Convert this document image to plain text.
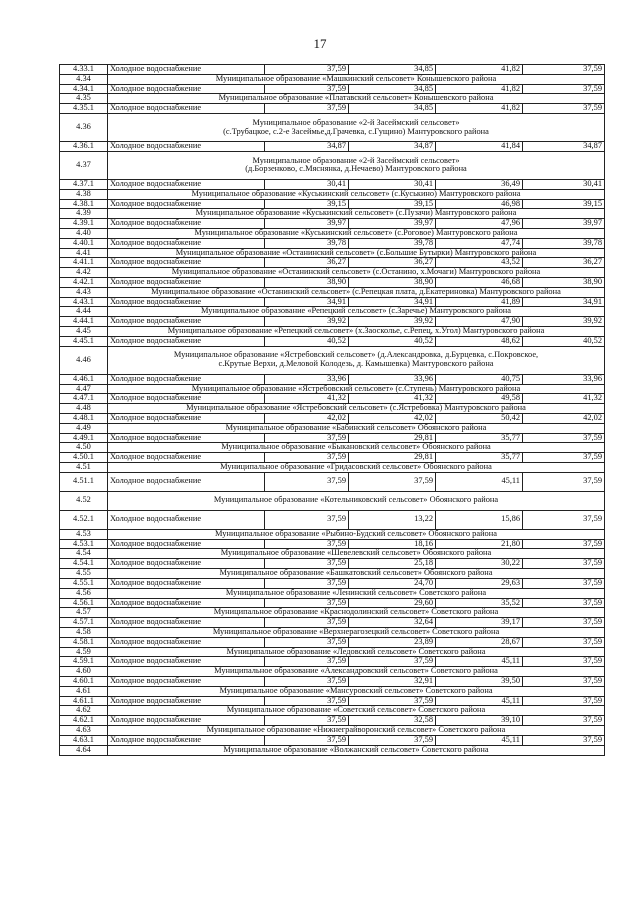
17
4.33.1	Холодное водоснабжение	37,59	34,85	41,82	37,59
4.34	Муниципальное образование «Машкинский сельсовет» Конышевского района				

4.34.1	Холодное водоснабжение	37,59	34,85	41,82	37,59
4.35	Муниципальное образование «Платавский сельсовет» Конышевского района				

4.35.1	Холодное водоснабжение	37,59	34,85	41,82	37,59
4.36	Муниципальное образование «2-й Засеймский сельсовет»
(с.Трубацкое, с.2-е Засеймье,д.Грачевка, с.Гущино) Мантуровского района				

4.36.1	Холодное водоснабжение	34,87	34,87	41,84	34,87
4.37	Муниципальное образование «2-й Засеймский сельсовет»
(д.Борзенково, с.Мяснянка, д.Нечаево) Мантуровского района				

4.37.1	Холодное водоснабжение	30,41	30,41	36,49	30,41
4.38	Муниципальное образование «Куськинский сельсовет» (с.Куськино) Мантуровского района				

4.38.1	Холодное водоснабжение	39,15	39,15	46,98	39,15
4.39	Муниципальное образование «Куськинский сельсовет» (с.Пузачи) Мантуровского района				

4.39.1	Холодное водоснабжение	39,97	39,97	47,96	39,97
4.40	Муниципальное образование «Куськинский сельсовет» (с.Роговое) Мантуровского района				

4.40.1	Холодное водоснабжение	39,78	39,78	47,74	39,78
4.41	Муниципальное образование «Останинский сельсовет» (с.Большие Бутырки) Мантуровского района				

4.41.1	Холодное водоснабжение	36,27	36,27	43,52	36,27
4.42	Муниципальное образование «Останинский сельсовет» (с.Останино, х.Мочаги) Мантуровского района				

4.42.1	Холодное водоснабжение	38,90	38,90	46,68	38,90
4.43	Муниципальное образование «Останинский сельсовет» (с.Репецкая плата, д.Екатериновка) Мантуровского района				

4.43.1	Холодное водоснабжение	34,91	34,91	41,89	34,91
4.44	Муниципальное образование «Репецкий сельсовет» (с.Заречье) Мантуровского района				

4.44.1	Холодное водоснабжение	39,92	39,92	47,90	39,92
4.45	Муниципальное образование «Репецкий сельсовет» (х.Заосколье, с.Репец, х.Угол) Мантуровского района				

4.45.1	Холодное водоснабжение	40,52	40,52	48,62	40,52
4.46	Муниципальное образование «Ястребовский сельсовет» (д.Александровка, д.Бурцевка, с.Покровское,
с.Крутые Верхи, д.Меловой Колодезь, д. Камышевка) Мантуровского района				

4.46.1	Холодное водоснабжение	33,96	33,96	40,75	33,96
4.47	Муниципальное образование «Ястребовский сельсовет» (с.Ступень) Мантуровского района				

4.47.1	Холодное водоснабжение	41,32	41,32	49,58	41,32
4.48	Муниципальное образование «Ястребовский сельсовет» (с.Ястребовка) Мантуровского района				

4.48.1	Холодное водоснабжение	42,02	42,02	50,42	42,02
4.49	Муниципальное образование «Бабинский сельсовет» Обоянского района				

4.49.1	Холодное водоснабжение	37,59	29,81	35,77	37,59
4.50	Муниципальное образование «Быкановский сельсовет» Обоянского района				

4.50.1	Холодное водоснабжение	37,59	29,81	35,77	37,59
4.51	Муниципальное образование «Гридасовский сельсовет» Обоянского района				

4.51.1	Холодное водоснабжение	37,59	37,59	45,11	37,59
4.52	Муниципальное образование «Котельниковский сельсовет» Обоянского района				

4.52.1	Холодное водоснабжение	37,59	13,22	15,86	37,59
4.53	Муниципальное образование «Рыбино-Будский сельсовет» Обоянского района				

4.53.1	Холодное водоснабжение	37,59	18,16	21,80	37,59
4.54	Муниципальное образование «Шевелевский сельсовет» Обоянского района				

4.54.1	Холодное водоснабжение	37,59	25,18	30,22	37,59
4.55	Муниципальное образование «Башкатовский сельсовет» Обоянского района				

4.55.1	Холодное водоснабжение	37,59	24,70	29,63	37,59
4.56	Муниципальное образование «Ленинский сельсовет» Советского района				

4.56.1	Холодное водоснабжение	37,59	29,60	35,52	37,59
4.57	Муниципальное образование «Краснодолинский сельсовет» Советского района				

4.57.1	Холодное водоснабжение	37,59	32,64	39,17	37,59
4.58	Муниципальное образование «Верхнерагозецкий сельсовет» Советского района				

4.58.1	Холодное водоснабжение	37,59	23,89	28,67	37,59
4.59	Муниципальное образование «Ледовский сельсовет» Советского района				

4.59.1	Холодное водоснабжение	37,59	37,59	45,11	37,59
4.60	Муниципальное образование «Александровский сельсовет» Советского района				

4.60.1	Холодное водоснабжение	37,59	32,91	39,50	37,59
4.61	Муниципальное образование «Мансуровский сельсовет» Советского района				

4.61.1	Холодное водоснабжение	37,59	37,59	45,11	37,59
4.62	Муниципальное образование «Советский сельсовет» Советского района				

4.62.1	Холодное водоснабжение	37,59	32,58	39,10	37,59
4.63	Муниципальное образование «Нижнеграйворонский сельсовет» Советского района				

4.63.1	Холодное водоснабжение	37,59	37,59	45,11	37,59
4.64	Муниципальное образование «Волжанский сельсовет» Советского района				
